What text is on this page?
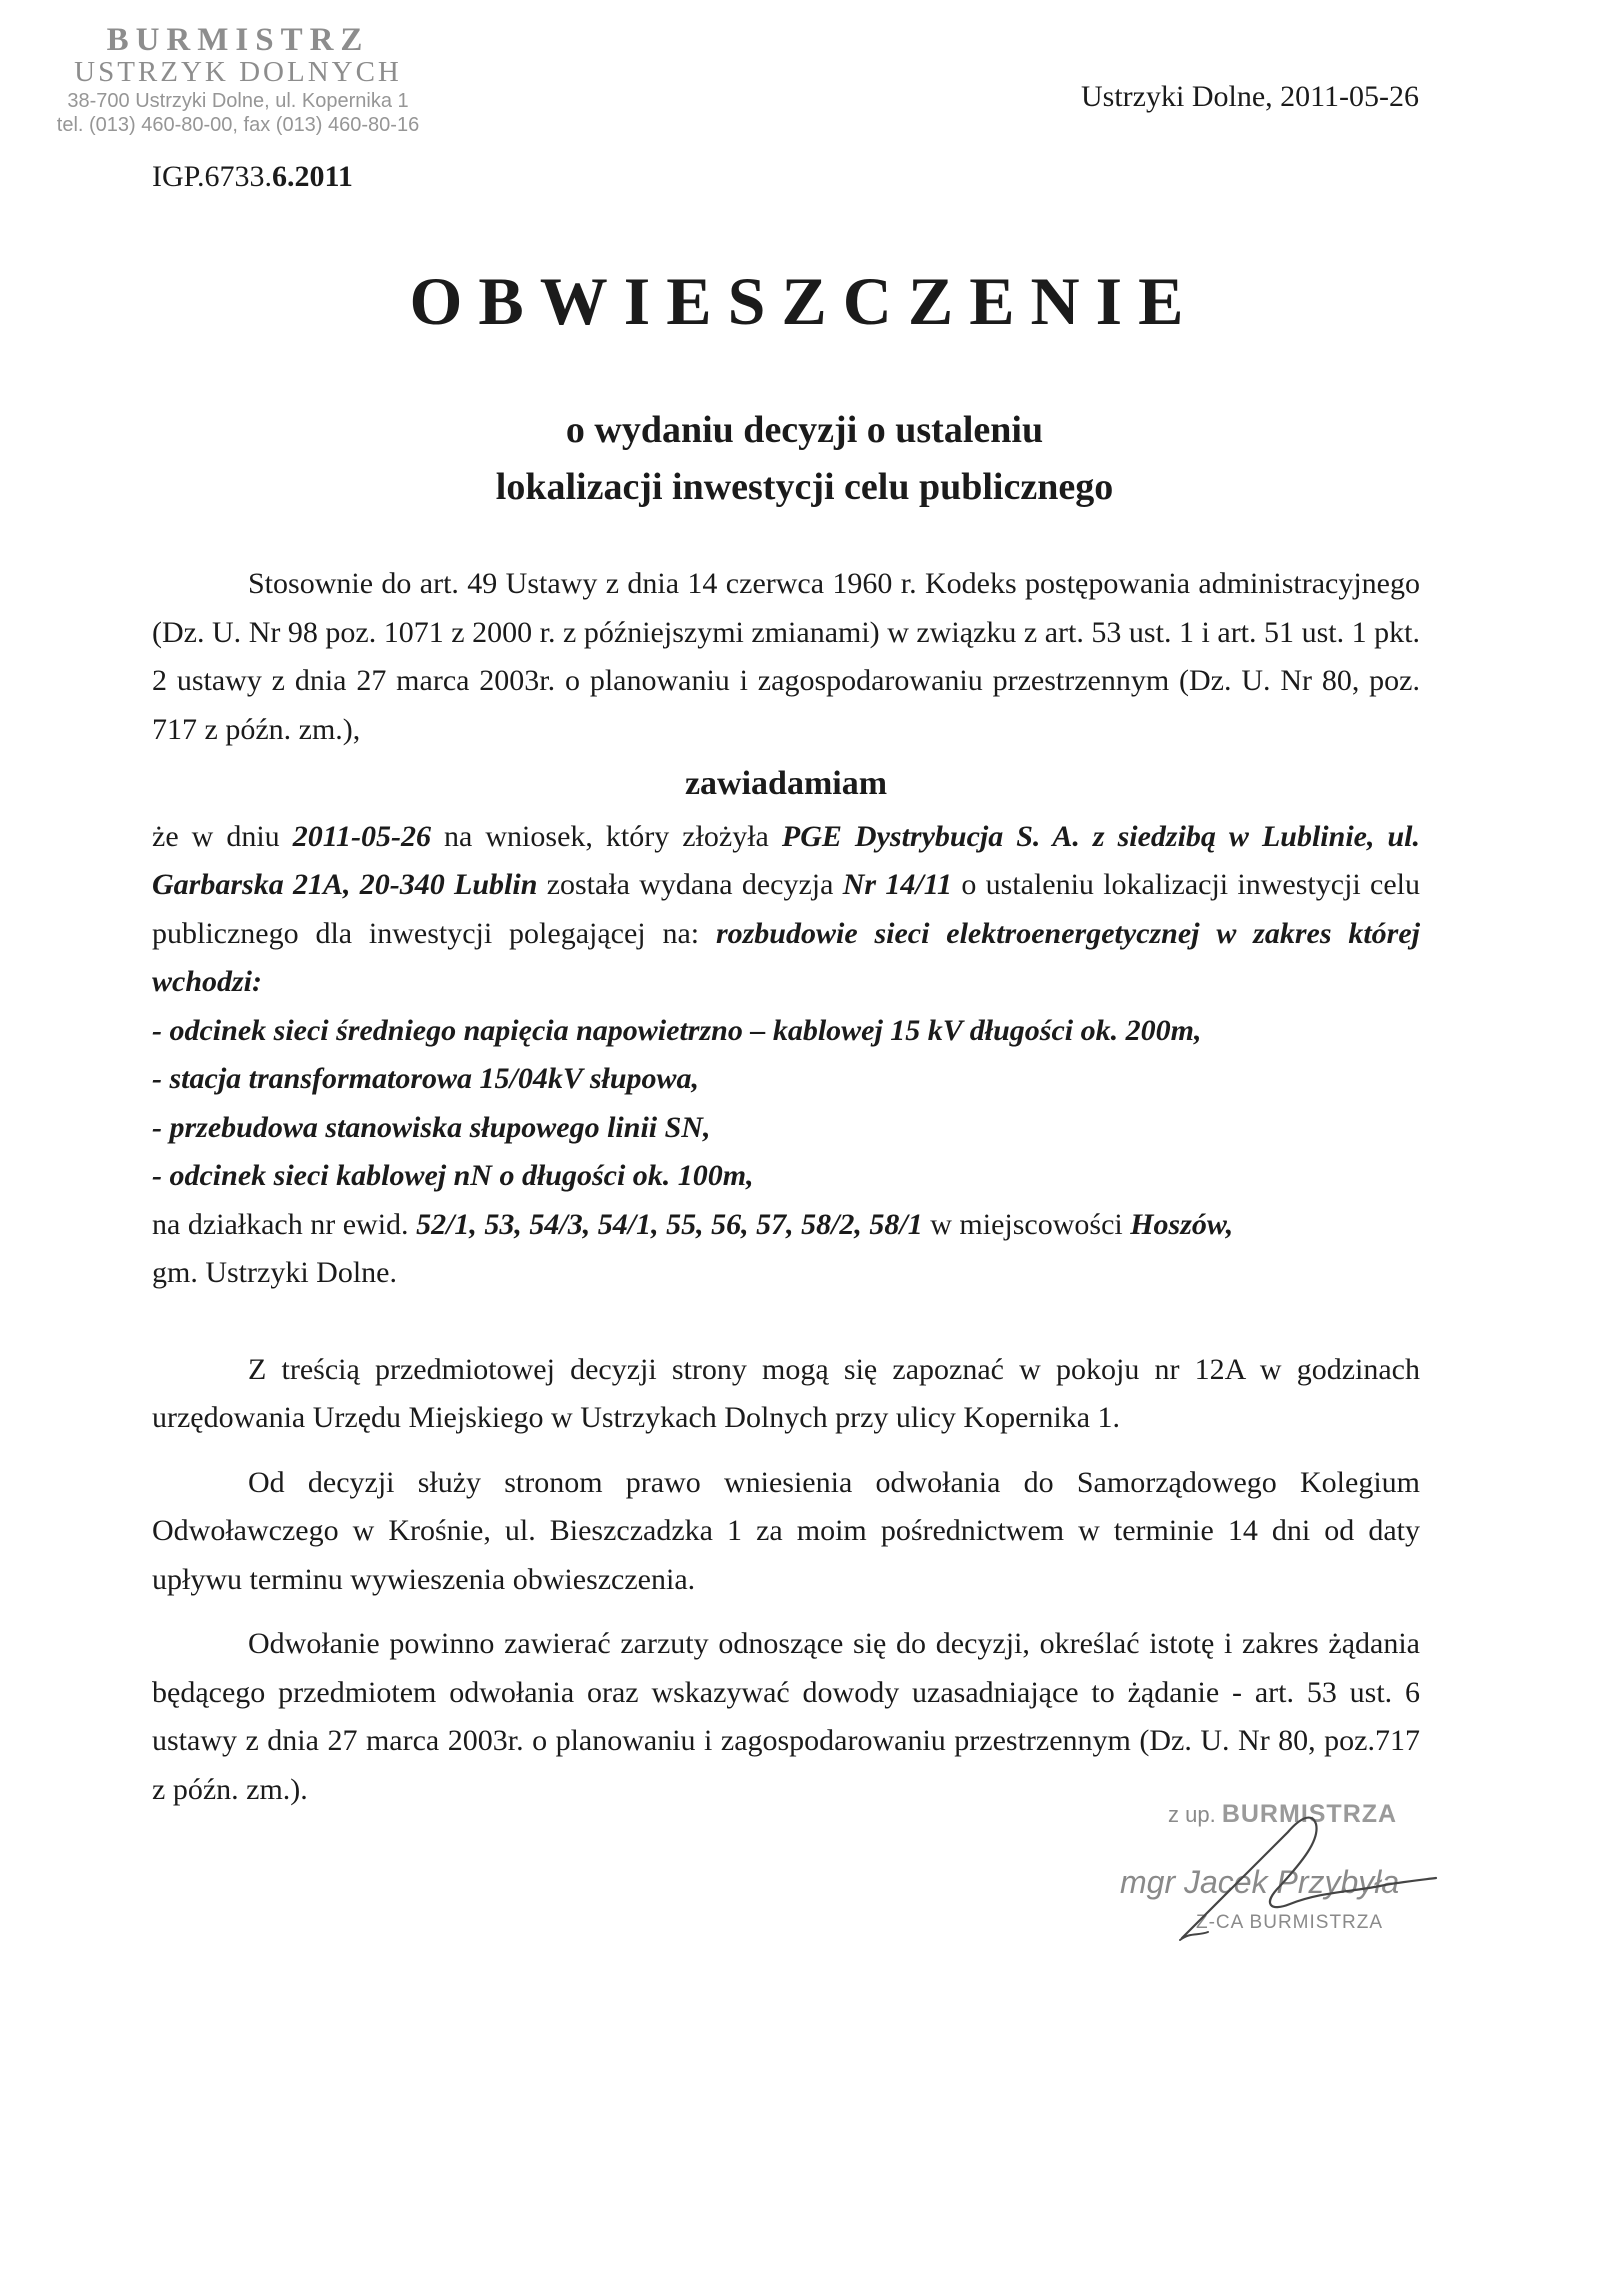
BURMISTRZ
USTRZYK DOLNYCH
38-700 Ustrzyki Dolne, ul. Kopernika 1
tel. (013) 460-80-00, fax (013) 460-80-16
Ustrzyki Dolne, 2011-05-26
IGP.6733.6.2011
OBWIESZCZENIE
o wydaniu decyzji o ustaleniu
lokalizacji inwestycji celu publicznego

Stosownie do art. 49 Ustawy z dnia 14 czerwca 1960 r. Kodeks postępowania administracyjnego (Dz. U. Nr 98 poz. 1071 z 2000 r. z późniejszymi zmianami) w związku z art. 53 ust. 1 i art. 51 ust. 1 pkt. 2 ustawy z dnia 27 marca 2003r. o planowaniu i zagospodarowaniu przestrzennym (Dz. U. Nr 80, poz. 717 z późn. zm.),

zawiadamiam

że w dniu 2011-05-26 na wniosek, który złożyła PGE Dystrybucja S. A. z siedzibą w Lublinie, ul. Garbarska 21A, 20-340 Lublin została wydana decyzja Nr 14/11 o ustaleniu lokalizacji inwestycji celu publicznego dla inwestycji polegającej na: rozbudowie sieci elektroenergetycznej w zakres której wchodzi:

- odcinek sieci średniego napięcia napowietrzno – kablowej 15 kV długości ok. 200m,

- stacja transformatorowa 15/04kV słupowa,

- przebudowa stanowiska słupowego linii SN,

- odcinek sieci kablowej nN o długości ok. 100m,

na działkach nr ewid. 52/1, 53, 54/3, 54/1, 55, 56, 57, 58/2, 58/1 w miejscowości Hoszów,

gm. Ustrzyki Dolne.

Z treścią przedmiotowej decyzji strony mogą się zapoznać w pokoju nr 12A w godzinach urzędowania Urzędu Miejskiego w Ustrzykach Dolnych przy ulicy Kopernika 1.

Od decyzji służy stronom prawo wniesienia odwołania do Samorządowego Kolegium Odwoławczego w Krośnie, ul. Bieszczadzka 1 za moim pośrednictwem w terminie 14 dni od daty upływu terminu wywieszenia obwieszczenia.

Odwołanie powinno zawierać zarzuty odnoszące się do decyzji, określać istotę i zakres żądania będącego przedmiotem odwołania oraz wskazywać dowody uzasadniające to żądanie - art. 53 ust. 6 ustawy z dnia 27 marca 2003r. o planowaniu i zagospodarowaniu przestrzennym (Dz. U. Nr 80, poz.717 z późn. zm.).

z up. BURMISTRZA
mgr Jacek Przybyła
Z-CA BURMISTRZA
